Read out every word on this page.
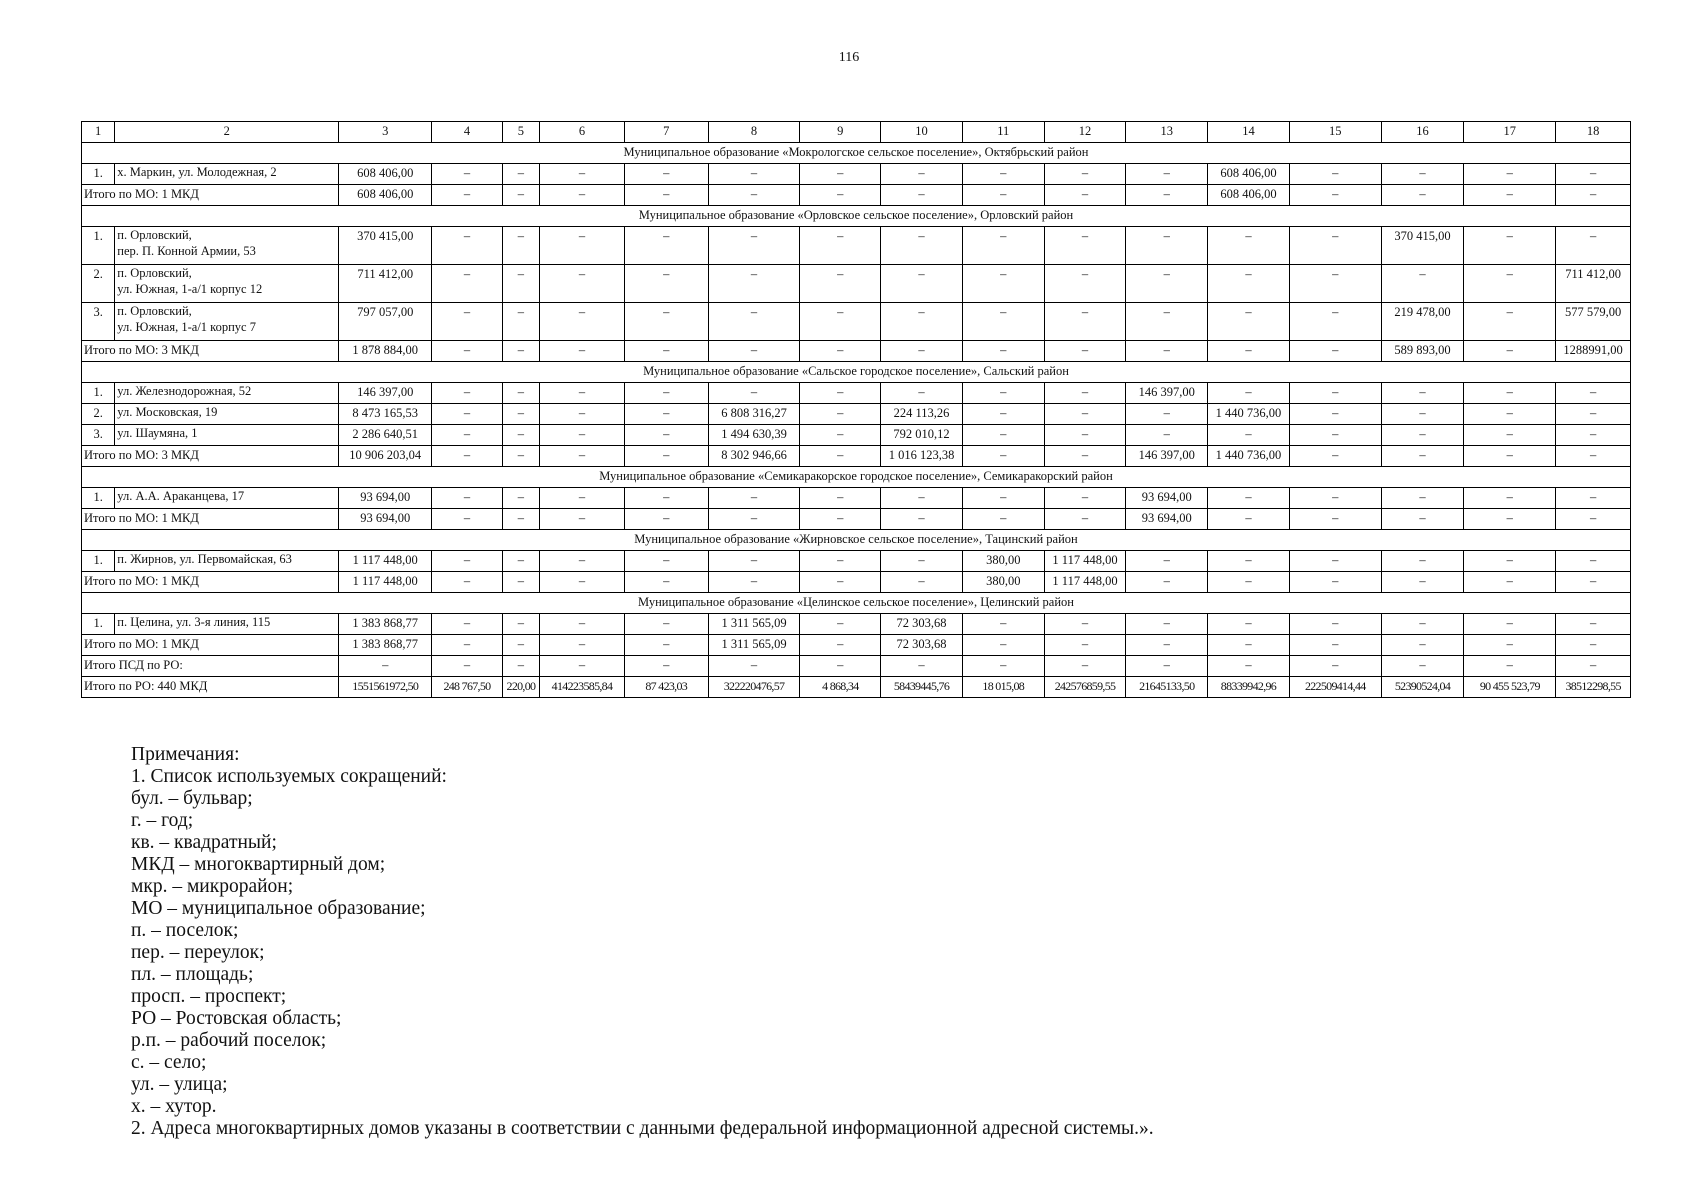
116
1	2	3	4	5	6	7	8	9	10	11	12	13	14	15	16	17	18
Муниципальное образование «Мокрологское сельское поселение», Октябрьский район																	
1.	х. Маркин, ул. Молодежная, 2	608 406,00	–	–	–	–	–	–	–	–	–	–	608 406,00	–	–	–	–
Итого по МО: 1 МКД		608 406,00	–	–	–	–	–	–	–	–	–	–	608 406,00	–	–	–	–
Муниципальное образование «Орловское сельское поселение», Орловский район																	
1.	п. Орловский,
пер. П. Конной Армии, 53	370 415,00	–	–	–	–	–	–	–	–	–	–	–	–	370 415,00	–	–
2.	п. Орловский,
ул. Южная, 1-а/1 корпус 12	711 412,00	–	–	–	–	–	–	–	–	–	–	–	–	–	–	711 412,00
3.	п. Орловский,
ул. Южная, 1-а/1 корпус 7	797 057,00	–	–	–	–	–	–	–	–	–	–	–	–	219 478,00	–	577 579,00
Итого по МО: 3 МКД		1 878 884,00	–	–	–	–	–	–	–	–	–	–	–	–	589 893,00	–	1288991,00
Муниципальное образование «Сальское городское поселение», Сальский район																	
1.	ул. Железнодорожная, 52	146 397,00	–	–	–	–	–	–	–	–	–	146 397,00	–	–	–	–	–
2.	ул. Московская, 19	8 473 165,53	–	–	–	–	6 808 316,27	–	224 113,26	–	–	–	1 440 736,00	–	–	–	–
3.	ул. Шаумяна, 1	2 286 640,51	–	–	–	–	1 494 630,39	–	792 010,12	–	–	–	–	–	–	–	–
Итого по МО: 3 МКД		10 906 203,04	–	–	–	–	8 302 946,66	–	1 016 123,38	–	–	146 397,00	1 440 736,00	–	–	–	–
Муниципальное образование «Семикаракорское городское поселение», Семикаракорский район																	
1.	ул. А.А. Араканцева, 17	93 694,00	–	–	–	–	–	–	–	–	–	93 694,00	–	–	–	–	–
Итого по МО: 1 МКД		93 694,00	–	–	–	–	–	–	–	–	–	93 694,00	–	–	–	–	–
Муниципальное образование «Жирновское сельское поселение», Тацинский район																	
1.	п. Жирнов, ул. Первомайская, 63	1 117 448,00	–	–	–	–	–	–	–	380,00	1 117 448,00	–	–	–	–	–	–
Итого по МО: 1 МКД		1 117 448,00	–	–	–	–	–	–	–	380,00	1 117 448,00	–	–	–	–	–	–
Муниципальное образование «Целинское сельское поселение», Целинский район																	
1.	п. Целина, ул. 3-я линия, 115	1 383 868,77	–	–	–	–	1 311 565,09	–	72 303,68	–	–	–	–	–	–	–	–
Итого по МО: 1 МКД		1 383 868,77	–	–	–	–	1 311 565,09	–	72 303,68	–	–	–	–	–	–	–	–
Итого ПСД по РО:		–	–	–	–	–	–	–	–	–	–	–	–	–	–	–	–
Итого по РО: 440 МКД		1551561972,50	248 767,50	220,00	414223585,84	87 423,03	322220476,57	4 868,34	58439445,76	18 015,08	242576859,55	21645133,50	88339942,96	222509414,44	52390524,04	90 455 523,79	38512298,55
Примечания:
1. Список используемых сокращений:
бул. – бульвар;
г. – год;
кв. – квадратный;
МКД – многоквартирный дом;
мкр. – микрорайон;
МО – муниципальное образование;
п. – поселок;
пер. – переулок;
пл. – площадь;
просп. – проспект;
РО – Ростовская область;
р.п. – рабочий поселок;
с. – село;
ул. – улица;
х. – хутор.
2. Адреса многоквартирных домов указаны в соответствии с данными федеральной информационной адресной системы.».
